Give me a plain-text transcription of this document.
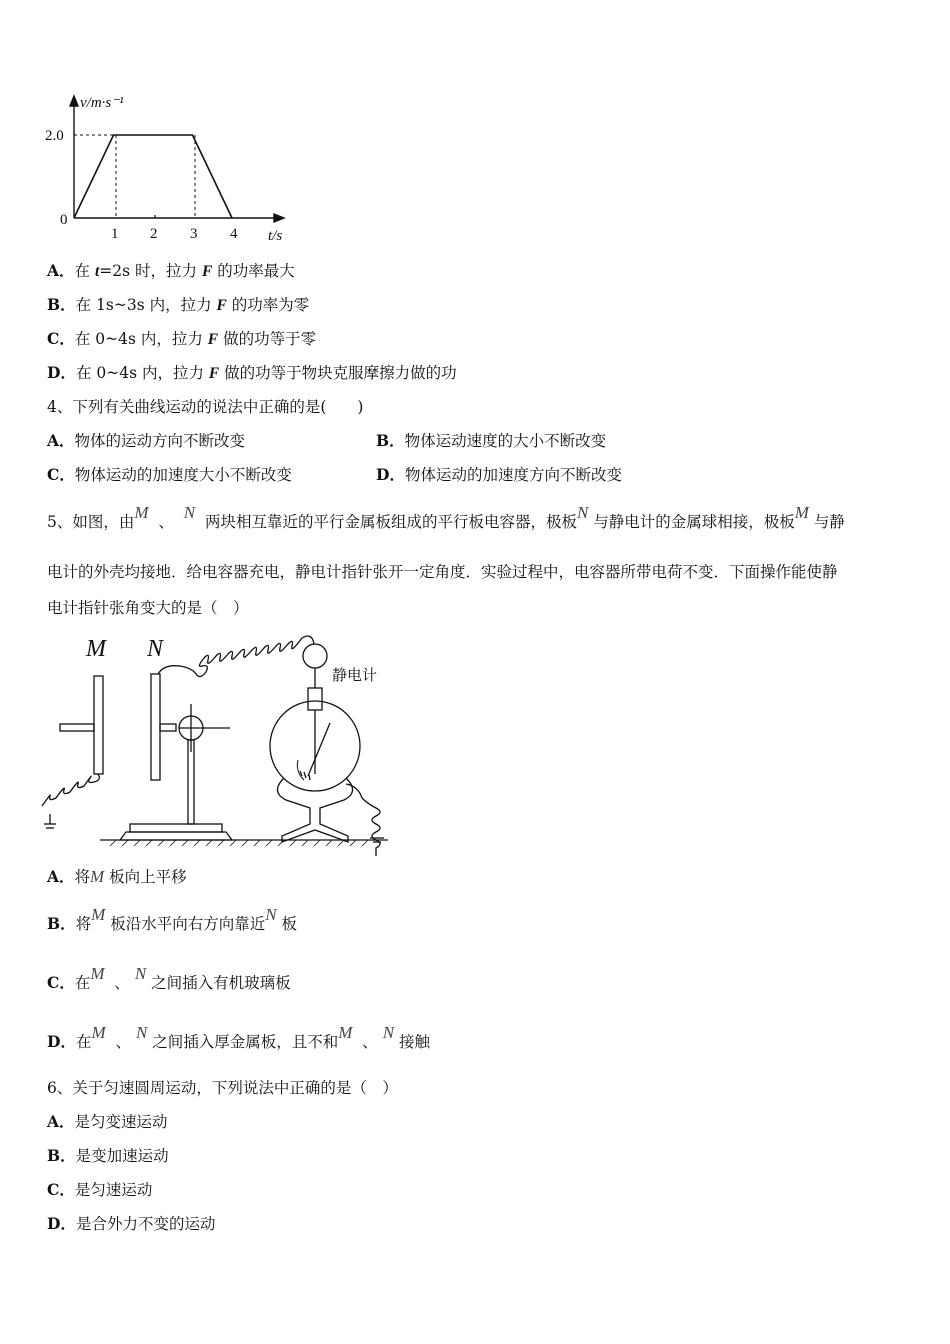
v/m·s⁻¹
2.0
0
1 2 3 4 t/s
A．在 t=2s 时，拉力 F 的功率最大
B．在 1s~3s 内，拉力 F 的功率为零
C．在 0~4s 内，拉力 F 做的功等于零
D．在 0~4s 内，拉力 F 做的功等于物块克服摩擦力做的功
4、下列有关曲线运动的说法中正确的是(　　)
A．物体的运动方向不断改变	B．物体运动速度的大小不断改变
C．物体运动的加速度大小不断改变	D．物体运动的加速度方向不断改变
5、如图，由M 、 N 两块相互靠近的平行金属板组成的平行板电容器，极板N 与静电计的金属球相接，极板M 与静
电计的外壳均接地．给电容器充电，静电计指针张开一定角度．实验过程中，电容器所带电荷不变．下面操作能使静
电计指针张角变大的是（　）
M N
静电计
A．将M 板向上平移
B．将M 板沿水平向右方向靠近N 板
C．在M 、 N 之间插入有机玻璃板
D．在M 、 N 之间插入厚金属板，且不和M 、 N 接触
6、关于匀速圆周运动，下列说法中正确的是（　）
A．是匀变速运动
B．是变加速运动
C．是匀速运动
D．是合外力不变的运动
